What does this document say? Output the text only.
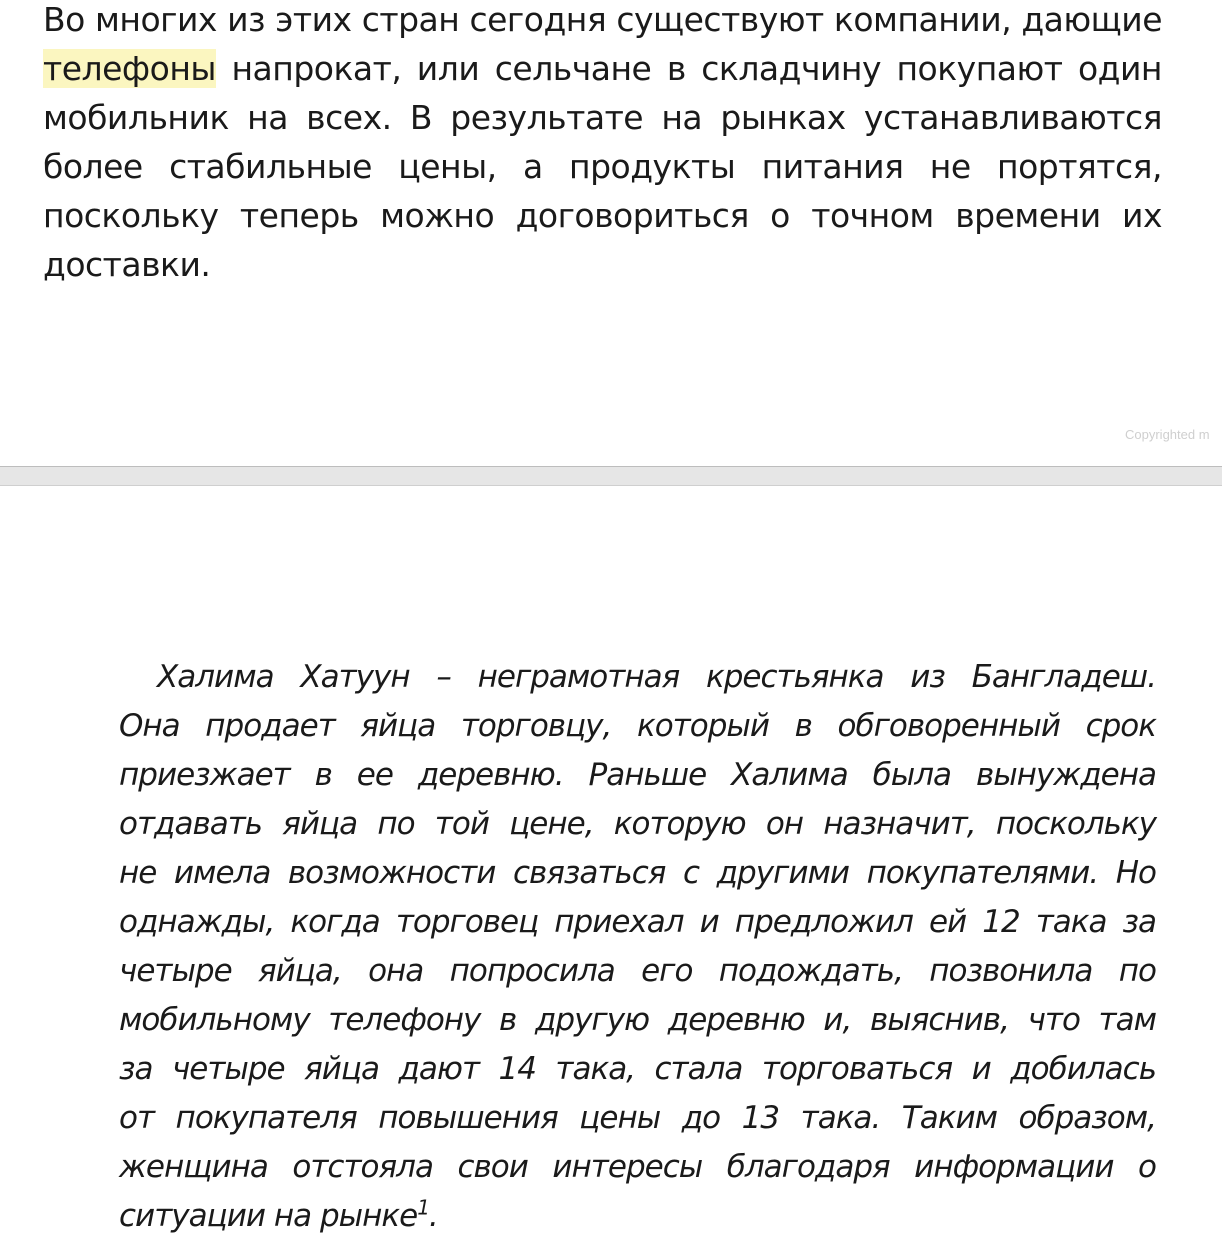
Во многих из этих стран сегодня существуют компании, дающие
телефоны напрокат, или сельчане в складчину покупают один
мобильник на всех. В результате на рынках устанавливаются
более стабильные цены, а продукты питания не портятся,
поскольку теперь можно договориться о точном времени их
доставки.
Copyrighted m
Халима Хатуун – неграмотная крестьянка из Бангладеш.
Она продает яйца торговцу, который в обговоренный срок
приезжает в ее деревню. Раньше Халима была вынуждена
отдавать яйца по той цене, которую он назначит, поскольку
не имела возможности связаться с другими покупателями. Но
однажды, когда торговец приехал и предложил ей 12 така за
четыре яйца, она попросила его подождать, позвонила по
мобильному телефону в другую деревню и, выяснив, что там
за четыре яйца дают 14 така, стала торговаться и добилась
от покупателя повышения цены до 13 така. Таким образом,
женщина отстояла свои интересы благодаря информации о
ситуации на рынке$^1$.
